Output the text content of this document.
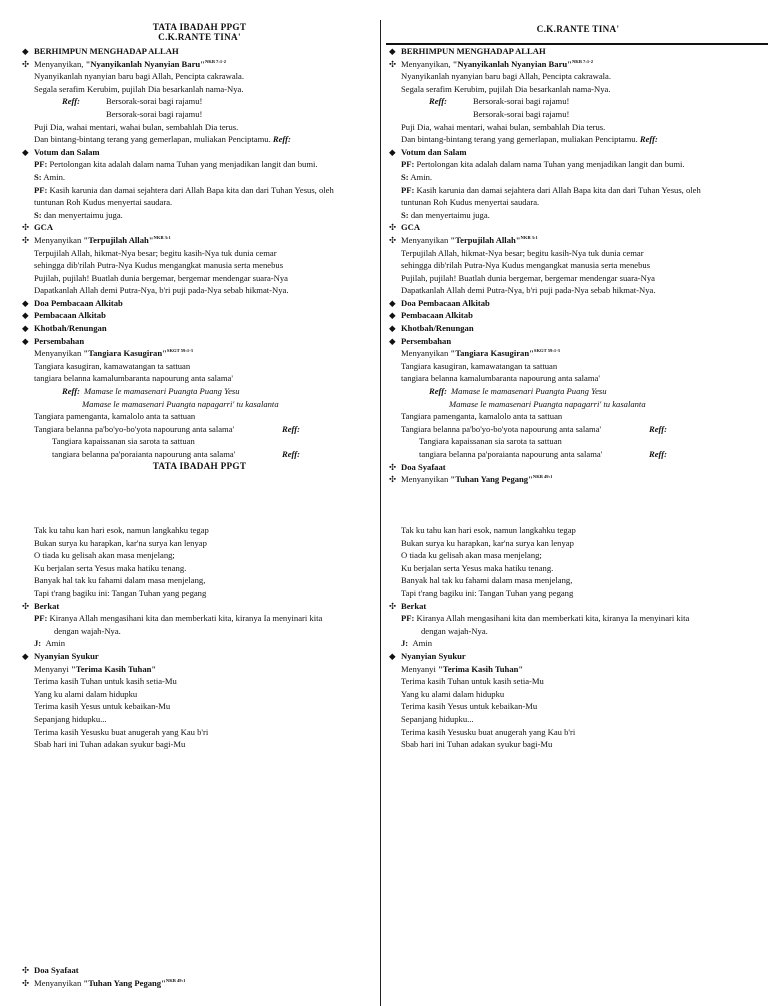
TATA IBADAH PPGT
C.K.RANTE TINA'
◆ BERHIMPUN MENGHADAP ALLAH
✣ Menyanyikan, "Nyanyikanlah Nyanyian Baru"$^{NKB 7:1-2}$
Nyanyikanlah nyanyian baru bagi Allah, Pencipta cakrawala.
Segala serafim Kerubim, pujilah Dia besarkanlah nama-Nya.
Reff:	Bersorak-sorai bagi rajamu!
Bersorak-sorai bagi rajamu!
Puji Dia, wahai mentari, wahai bulan, sembahlah Dia terus.
Dan bintang-bintang terang yang gemerlapan, muliakan Penciptamu. Reff:
◆ Votum dan Salam
PF: Pertolongan kita adalah dalam nama Tuhan yang menjadikan langit dan bumi.
S: Amin.
PF: Kasih karunia dan damai sejahtera dari Allah Bapa kita dan dari Tuhan Yesus, oleh
tuntunan Roh Kudus menyertai saudara.
S: dan menyertaimu juga.
✣ GCA
✣ Menyanyikan "Terpujilah Allah"$^{NKB 3:1}$
Terpujilah Allah, hikmat-Nya besar; begitu kasih-Nya tuk dunia cemar
sehingga dib'rilah Putra-Nya Kudus mengangkat manusia serta menebus
Pujilah, pujilah! Buatlah dunia bergemar, bergemar mendengar suara-Nya
Dapatkanlah Allah demi Putra-Nya, b'ri puji pada-Nya sebab hikmat-Nya.
◆ Doa Pembacaan Alkitab
◆ Pembacaan Alkitab
◆ Khotbah/Renungan
◆ Persembahan
Menyanyikan "Tangiara Kasugiran"$^{SKGT 59:1-3}$
Tangiara kasugiran, kamawatangan ta sattuan
tangiara belanna kamalumbaranta napourung anta salama'
Reff: Mamase le mamasenari Puangta Puang Yesu
Mamase le mamasenari Puangta napagarri' tu kasalanta
Tangiara pamenganta, kamalolo anta ta sattuan
Tangiara belanna pa'bo'yo-bo'yota napourung anta salama'	Reff:
Tangiara kapaissanan sia sarota ta sattuan
tangiara belanna pa'poraianta napourung anta salama'	Reff:
TATA IBADAH PPGT
C.K.RANTE TINA'
◆ BERHIMPUN MENGHADAP ALLAH
✣ Menyanyikan, "Nyanyikanlah Nyanyian Baru"$^{NKB 7:1-2}$
Nyanyikanlah nyanyian baru bagi Allah, Pencipta cakrawala.
Segala serafim Kerubim, pujilah Dia besarkanlah nama-Nya.
Reff:	Bersorak-sorai bagi rajamu!
Bersorak-sorai bagi rajamu!
Puji Dia, wahai mentari, wahai bulan, sembahlah Dia terus.
Dan bintang-bintang terang yang gemerlapan, muliakan Penciptamu. Reff:
◆ Votum dan Salam
PF: Pertolongan kita adalah dalam nama Tuhan yang menjadikan langit dan bumi.
S: Amin.
PF: Kasih karunia dan damai sejahtera dari Allah Bapa kita dan dari Tuhan Yesus, oleh
tuntunan Roh Kudus menyertai saudara.
S: dan menyertaimu juga.
✣ GCA
✣ Menyanyikan "Terpujilah Allah"$^{NKB 3:1}$
Terpujilah Allah, hikmat-Nya besar; begitu kasih-Nya tuk dunia cemar
sehingga dib'rilah Putra-Nya Kudus mengangkat manusia serta menebus
Pujilah, pujilah! Buatlah dunia bergemar, bergemar mendengar suara-Nya
Dapatkanlah Allah demi Putra-Nya, b'ri puji pada-Nya sebab hikmat-Nya.
◆ Doa Pembacaan Alkitab
◆ Pembacaan Alkitab
◆ Khotbah/Renungan
◆ Persembahan
Menyanyikan "Tangiara Kasugiran"$^{SKGT 59:1-3}$
Tangiara kasugiran, kamawatangan ta sattuan
tangiara belanna kamalumbaranta napourung anta salama'
Reff: Mamase le mamasenari Puangta Puang Yesu
Mamase le mamasenari Puangta napagarri' tu kasalanta
Tangiara pamenganta, kamalolo anta ta sattuan
Tangiara belanna pa'bo'yo-bo'yota napourung anta salama'	Reff:
Tangiara kapaissanan sia sarota ta sattuan
tangiara belanna pa'poraianta napourung anta salama'	Reff:
✣ Doa Syafaat
✣ Menyanyikan "Tuhan Yang Pegang"$^{NKB 49:1}$
Tak ku tahu kan hari esok, namun langkahku tegap
Bukan surya ku harapkan, kar'na surya kan lenyap
O tiada ku gelisah akan masa menjelang;
Ku berjalan serta Yesus maka hatiku tenang.
Banyak hal tak ku fahami dalam masa menjelang,
Tapi t'rang bagiku ini: Tangan Tuhan yang pegang
✣ Berkat
PF: Kiranya Allah mengasihani kita dan memberkati kita, kiranya Ia menyinari kita
dengan wajah-Nya.
J: Amin
◆ Nyanyian Syukur
Menyanyi "Terima Kasih Tuhan"
Terima kasih Tuhan untuk kasih setia-Mu
Yang ku alami dalam hidupku
Terima kasih Yesus untuk kebaikan-Mu
Sepanjang hidupku...
Terima kasih Yesusku buat anugerah yang Kau b'ri
Sbab hari ini Tuhan adakan syukur bagi-Mu
Tak ku tahu kan hari esok, namun langkahku tegap
Bukan surya ku harapkan, kar'na surya kan lenyap
O tiada ku gelisah akan masa menjelang;
Ku berjalan serta Yesus maka hatiku tenang.
Banyak hal tak ku fahami dalam masa menjelang,
Tapi t'rang bagiku ini: Tangan Tuhan yang pegang
✣ Berkat
PF: Kiranya Allah mengasihani kita dan memberkati kita, kiranya Ia menyinari kita
dengan wajah-Nya.
J: Amin
◆ Nyanyian Syukur
Menyanyi "Terima Kasih Tuhan"
Terima kasih Tuhan untuk kasih setia-Mu
Yang ku alami dalam hidupku
Terima kasih Yesus untuk kebaikan-Mu
Sepanjang hidupku...
Terima kasih Yesusku buat anugerah yang Kau b'ri
Sbab hari ini Tuhan adakan syukur bagi-Mu
✣ Doa Syafaat
✣ Menyanyikan "Tuhan Yang Pegang"$^{NKB 49:1}$
